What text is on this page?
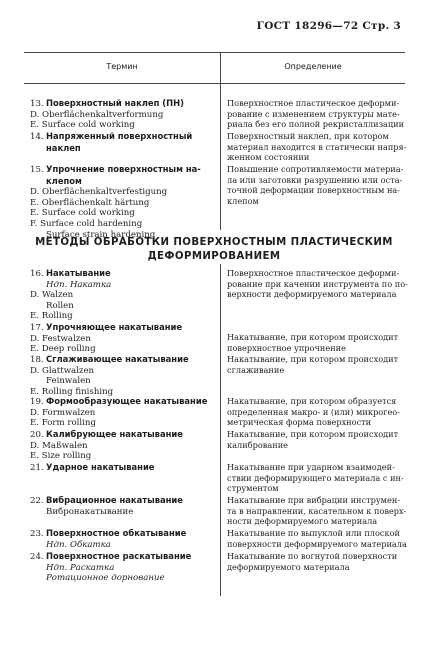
ГОСТ 18296—72 Стр. 3
Термин	Определение
13. Поверхностный наклеп (ПН)
D. Oberflächenkaltverformung
E. Surface cold working
Поверхностное пластическое деформи-
рование с изменением структуры мате-
риала без его полной рекристаллизации
14. Напряженный поверхностный
наклеп
Поверхностный наклеп, при котором
материал находится в статически напря-
женном состоянии
15. Упрочнение поверхностным на-
клепом
D. Oberflächenkaltverfestigung
E. Oberflächenkalt härtung
E. Surface cold working
F. Surface cold hardening
Surface strain hardening
Повышение сопротивляемости материа-
ла или заготовки разрушению или оста-
точной деформации поверхностным на-
клепом
МЕТОДЫ ОБРАБОТКИ ПОВЕРХНОСТНЫМ ПЛАСТИЧЕСКИМ
ДЕФОРМИРОВАНИЕМ
16. Накатывание
Ндп. Накатка
D. Walzen
Rollen
E. Rolling
Поверхностное пластическое деформи-
рование при качении инструмента по по-
верхности деформируемого материала
17. Упрочняющее накатывание
D. Festwalzen
E. Deep rolling
Накатывание, при котором происходит
поверхностное упрочнение
18. Сглаживающее накатывание
D. Glattwalzen
Feinwalen
E. Rolling finishing
Накатывание, при котором происходит
сглаживание
19. Формообразующее накатывание
D. Formwalzen
E. Form rolling
Накатывание, при котором образуется
определенная макро- и (или) микрогео-
метрическая форма поверхности
20. Калибрующее накатывание
D. Maßwalen
E. Size rolling
Накатывание, при котором происходит
калибрование
21. Ударное накатывание	Накатывание при ударном взаимодей-
ствии деформирующего материала с ин-
струментом
22. Вибрационное накатывание
Вибронакатывание
Накатывание при вибрации инструмен-
та в направлении, касательном к поверх-
ности деформируемого материала
23. Поверхностное обкатывание
Ндп. Обкатка
Накатывание по выпуклой или плоской
поверхности деформируемого материала
24. Поверхностное раскатывание
Ндп. Раскатка
Ротационное дорнование
Накатывание по вогнутой поверхности
деформируемого материала
